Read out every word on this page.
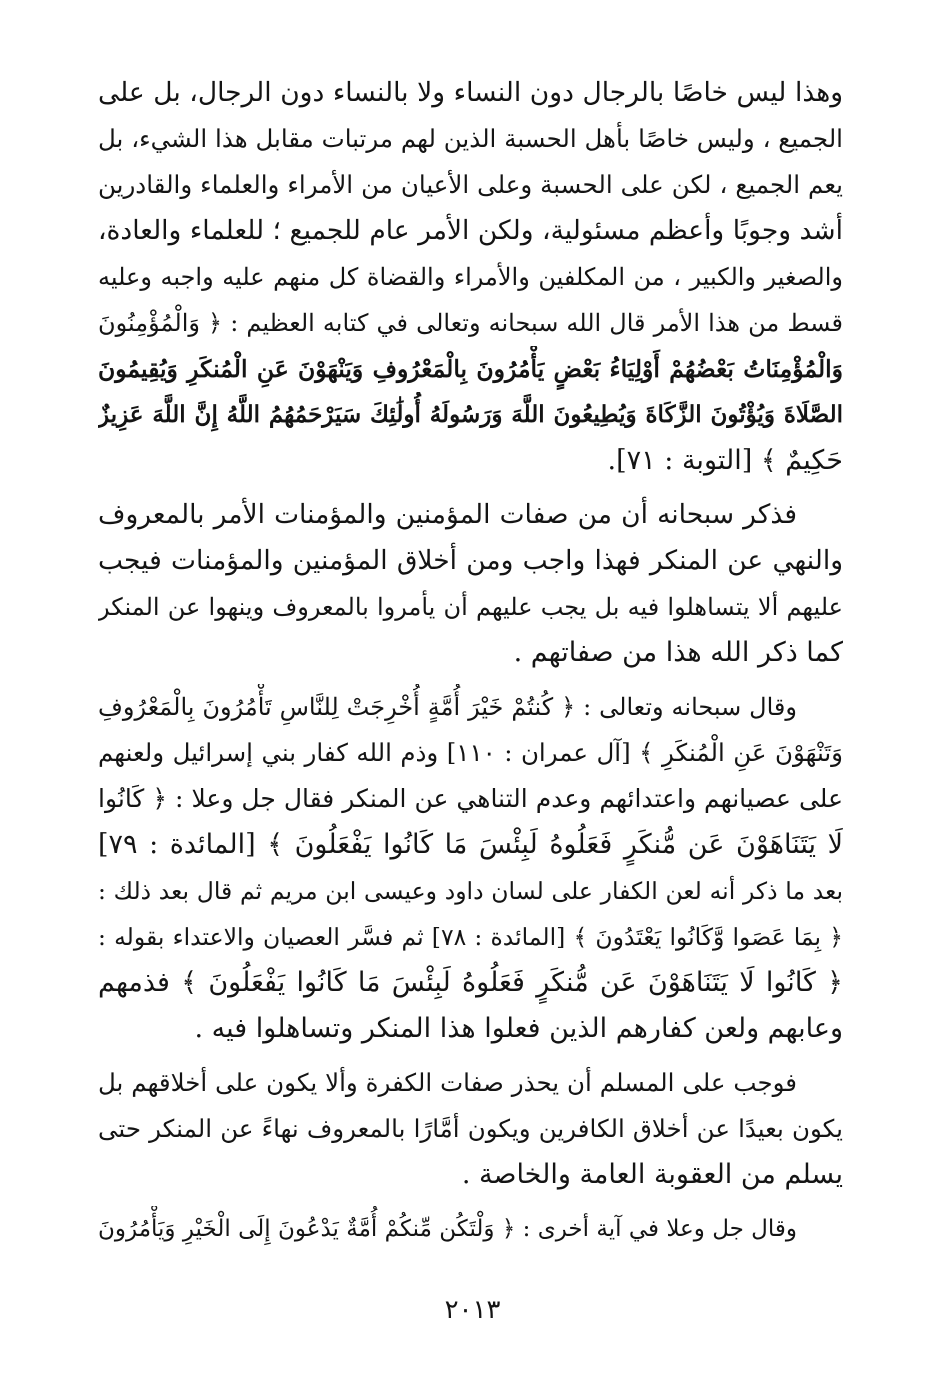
وهذا ليس خاصًا بالرجال دون النساء ولا بالنساء دون الرجال، بل على
الجميع ، وليس خاصًا بأهل الحسبة الذين لهم مرتبات مقابل هذا الشيء، بل
يعم الجميع ، لكن على الحسبة وعلى الأعيان من الأمراء والعلماء والقادرين
أشد وجوبًا وأعظم مسئولية، ولكن الأمر عام للجميع ؛ للعلماء والعادة،
والصغير والكبير ، من المكلفين والأمراء والقضاة كل منهم عليه واجبه وعليه
قسط من هذا الأمر قال الله سبحانه وتعالى في كتابه العظيم : ﴿ وَالْمُؤْمِنُونَ
وَالْمُؤْمِنَاتُ بَعْضُهُمْ أَوْلِيَاءُ بَعْضٍ يَأْمُرُونَ بِالْمَعْرُوفِ وَيَنْهَوْنَ عَنِ الْمُنكَرِ وَيُقِيمُونَ
الصَّلَاةَ وَيُؤْتُونَ الزَّكَاةَ وَيُطِيعُونَ اللَّهَ وَرَسُولَهُ أُولَٰئِكَ سَيَرْحَمُهُمُ اللَّهُ إِنَّ اللَّهَ عَزِيزٌ
حَكِيمٌ ﴾ [التوبة : ٧١].
فذكر سبحانه أن من صفات المؤمنين والمؤمنات الأمر بالمعروف
والنهي عن المنكر فهذا واجب ومن أخلاق المؤمنين والمؤمنات فيجب
عليهم ألا يتساهلوا فيه بل يجب عليهم أن يأمروا بالمعروف وينهوا عن المنكر
كما ذكر الله هذا من صفاتهم .
وقال سبحانه وتعالى : ﴿ كُنتُمْ خَيْرَ أُمَّةٍ أُخْرِجَتْ لِلنَّاسِ تَأْمُرُونَ بِالْمَعْرُوفِ
وَتَنْهَوْنَ عَنِ الْمُنكَرِ ﴾ [آل عمران : ١١٠] وذم الله كفار بني إسرائيل ولعنهم
على عصيانهم واعتدائهم وعدم التناهي عن المنكر فقال جل وعلا : ﴿ كَانُوا
لَا يَتَنَاهَوْنَ عَن مُّنكَرٍ فَعَلُوهُ لَبِئْسَ مَا كَانُوا يَفْعَلُونَ ﴾ [المائدة : ٧٩]
بعد ما ذكر أنه لعن الكفار على لسان داود وعيسى ابن مريم ثم قال بعد ذلك :
﴿ بِمَا عَصَوا وَّكَانُوا يَعْتَدُونَ ﴾ [المائدة : ٧٨] ثم فسَّر العصيان والاعتداء بقوله :
﴿ كَانُوا لَا يَتَنَاهَوْنَ عَن مُّنكَرٍ فَعَلُوهُ لَبِئْسَ مَا كَانُوا يَفْعَلُونَ ﴾ فذمهم
وعابهم ولعن كفارهم الذين فعلوا هذا المنكر وتساهلوا فيه .
فوجب على المسلم أن يحذر صفات الكفرة وألا يكون على أخلاقهم بل
يكون بعيدًا عن أخلاق الكافرين ويكون أمَّارًا بالمعروف نهاءً عن المنكر حتى
يسلم من العقوبة العامة والخاصة .
وقال جل وعلا في آية أخرى : ﴿ وَلْتَكُن مِّنكُمْ أُمَّةٌ يَدْعُونَ إِلَى الْخَيْرِ وَيَأْمُرُونَ
٢٠١٣
